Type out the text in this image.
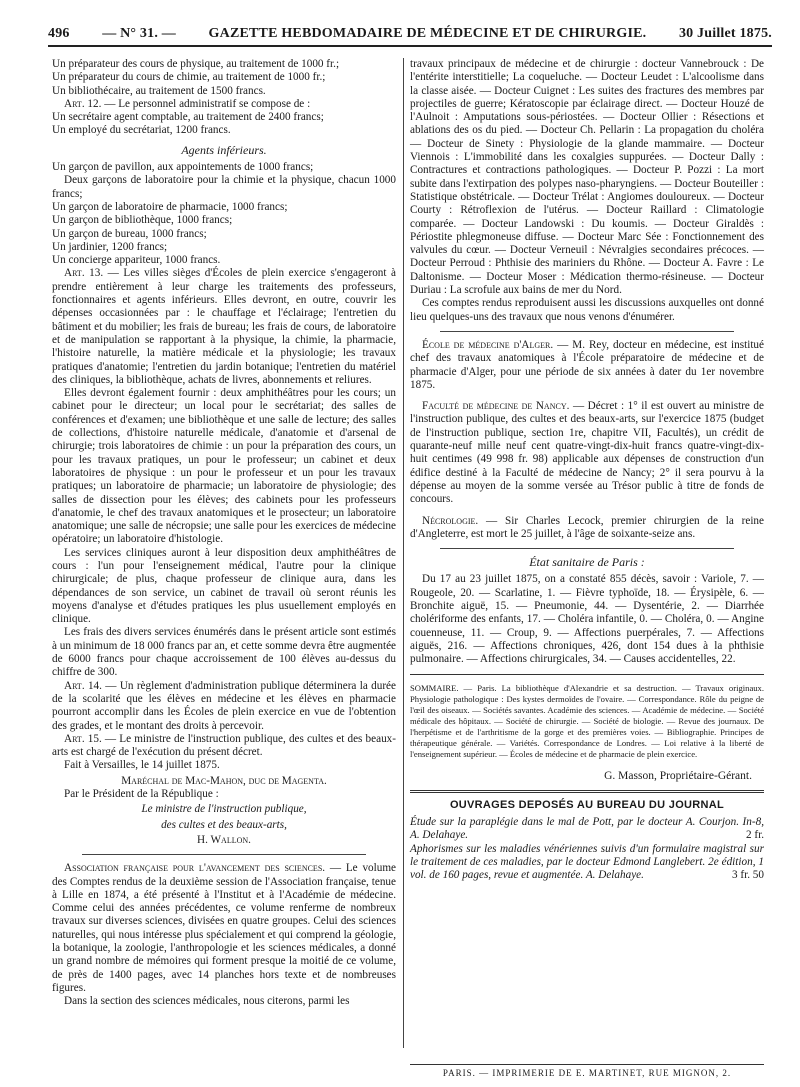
496 — N° 31. — GAZETTE HEBDOMADAIRE DE MÉDECINE ET DE CHIRURGIE. 30 Juillet 1875.

Un préparateur des cours de physique, au traitement de 1000 fr.;

Un préparateur du cours de chimie, au traitement de 1000 fr.;

Un bibliothécaire, au traitement de 1500 francs.

Art. 12. — Le personnel administratif se compose de :

Un secrétaire agent comptable, au traitement de 2400 francs;

Un employé du secrétariat, 1200 francs.

Agents inférieurs.

Un garçon de pavillon, aux appointements de 1000 francs;

Deux garçons de laboratoire pour la chimie et la physique, chacun 1000 francs;

Un garçon de laboratoire de pharmacie, 1000 francs;

Un garçon de bibliothèque, 1000 francs;

Un garçon de bureau, 1000 francs;

Un jardinier, 1200 francs;

Un concierge appariteur, 1000 francs.

Art. 13. — Les villes sièges d'Écoles de plein exercice s'engageront à prendre entièrement à leur charge les traitements des professeurs, fonctionnaires et agents inférieurs. Elles devront, en outre, couvrir les dépenses occasionnées par : le chauffage et l'éclairage; l'entretien du bâtiment et du mobilier; les frais de bureau; les frais de cours, de laboratoire et de manipulation se rapportant à la physique, la chimie, la pharmacie, l'histoire naturelle, la matière médicale et la physiologie; les travaux pratiques d'anatomie; l'entretien du jardin botanique; l'entretien du matériel des cliniques, la bibliothèque, achats de livres, abonnements et reliures.

Elles devront également fournir : deux amphithéâtres pour les cours; un cabinet pour le directeur; un local pour le secrétariat; des salles de conférences et d'examen; une bibliothèque et une salle de lecture; des salles de collections, d'histoire naturelle médicale, d'anatomie et d'arsenal de chirurgie; trois laboratoires de chimie : un pour la préparation des cours, un pour les travaux pratiques, un pour le professeur; un cabinet et deux laboratoires de physique : un pour le professeur et un pour les travaux pratiques; un laboratoire de pharmacie; un laboratoire de physiologie; des salles de dissection pour les élèves; des cabinets pour les professeurs d'anatomie, le chef des travaux anatomiques et le prosecteur; un laboratoire anatomique; une salle de nécropsie; une salle pour les exercices de médecine opératoire; un laboratoire d'histologie.

Les services cliniques auront à leur disposition deux amphithéâtres de cours : l'un pour l'enseignement médical, l'autre pour la clinique chirurgicale; de plus, chaque professeur de clinique aura, dans les dépendances de son service, un cabinet de travail où seront réunis les moyens d'analyse et d'études pratiques les plus usuellement employés en clinique.

Les frais des divers services énumérés dans le présent article sont estimés à un minimum de 18 000 francs par an, et cette somme devra être augmentée de 6000 francs pour chaque accroissement de 100 élèves au-dessus du chiffre de 300.

Art. 14. — Un règlement d'administration publique déterminera la durée de la scolarité que les élèves en médecine et les élèves en pharmacie pourront accomplir dans les Écoles de plein exercice en vue de l'obtention des grades, et le montant des droits à percevoir.

Art. 15. — Le ministre de l'instruction publique, des cultes et des beaux-arts est chargé de l'exécution du présent décret.

Fait à Versailles, le 14 juillet 1875.

Maréchal de Mac-Mahon, duc de Magenta.

Par le Président de la République :

Le ministre de l'instruction publique,

des cultes et des beaux-arts,

H. Wallon.

Association française pour l'avancement des sciences. — Le volume des Comptes rendus de la deuxième session de l'Association française, tenue à Lille en 1874, a été présenté à l'Institut et à l'Académie de médecine. Comme celui des années précédentes, ce volume renferme de nombreux travaux sur diverses sciences, divisées en quatre groupes. Celui des sciences naturelles, qui nous intéresse plus spécialement et qui comprend la géologie, la botanique, la zoologie, l'anthropologie et les sciences médicales, a donné un grand nombre de mémoires qui forment presque la moitié de ce volume, de près de 1400 pages, avec 14 planches hors texte et de nombreuses figures.

Dans la section des sciences médicales, nous citerons, parmi les

travaux principaux de médecine et de chirurgie : docteur Vannebrouck : De l'entérite interstitielle; La coqueluche. — Docteur Leudet : L'alcoolisme dans la classe aisée. — Docteur Cuignet : Les suites des fractures des membres par projectiles de guerre; Kératoscopie par éclairage direct. — Docteur Houzé de l'Aulnoit : Amputations sous-périostées. — Docteur Ollier : Résections et ablations des os du pied. — Docteur Ch. Pellarin : La propagation du choléra — Docteur de Sinety : Physiologie de la glande mammaire. — Docteur Viennois : L'immobilité dans les coxalgies suppurées. — Docteur Dally : Contractures et contractions pathologiques. — Docteur P. Pozzi : La mort subite dans l'extirpation des polypes naso-pharyngiens. — Docteur Bouteiller : Statistique obstétricale. — Docteur Trélat : Angiomes douloureux. — Docteur Courty : Rétroflexion de l'utérus. — Docteur Raillard : Climatologie comparée. — Docteur Landowski : Du koumis. — Docteur Giraldès : Périostite phlegmoneuse diffuse. — Docteur Marc Sée : Fonctionnement des valvules du cœur. — Docteur Verneuil : Névralgies secondaires précoces. — Docteur Perroud : Phthisie des mariniers du Rhône. — Docteur A. Favre : Le Daltonisme. — Docteur Moser : Médication thermo-résineuse. — Docteur Duriau : La scrofule aux bains de mer du Nord.

Ces comptes rendus reproduisent aussi les discussions auxquelles ont donné lieu quelques-uns des travaux que nous venons d'énumérer.

École de médecine d'Alger. — M. Rey, docteur en médecine, est institué chef des travaux anatomiques à l'École préparatoire de médecine et de pharmacie d'Alger, pour une période de six années à dater du 1er novembre 1875.

Faculté de médecine de Nancy. — Décret : 1° il est ouvert au ministre de l'instruction publique, des cultes et des beaux-arts, sur l'exercice 1875 (budget de l'instruction publique, section 1re, chapitre VII, Facultés), un crédit de quarante-neuf mille neuf cent quatre-vingt-dix-huit francs quatre-vingt-dix-huit centimes (49 998 fr. 98) applicable aux dépenses de construction d'un édifice destiné à la Faculté de médecine de Nancy; 2° il sera pourvu à la dépense au moyen de la somme versée au Trésor public à titre de fonds de concours.

Nécrologie. — Sir Charles Lecock, premier chirurgien de la reine d'Angleterre, est mort le 25 juillet, à l'âge de soixante-seize ans.

État sanitaire de Paris :

Du 17 au 23 juillet 1875, on a constaté 855 décès, savoir : Variole, 7. — Rougeole, 20. — Scarlatine, 1. — Fièvre typhoïde, 18. — Érysipèle, 6. — Bronchite aiguë, 15. — Pneumonie, 44. — Dysentérie, 2. — Diarrhée cholériforme des enfants, 17. — Choléra infantile, 0. — Choléra, 0. — Angine couenneuse, 11. — Croup, 9. — Affections puerpérales, 7. — Affections aiguës, 216. — Affections chroniques, 426, dont 154 dues à la phthisie pulmonaire. — Affections chirurgicales, 34. — Causes accidentelles, 22.

SOMMAIRE. — Paris. La bibliothèque d'Alexandrie et sa destruction. — Travaux originaux. Physiologie pathologique : Des kystes dermoïdes de l'ovaire. — Correspondance. Rôle du peigne de l'œil des oiseaux. — Sociétés savantes. Académie des sciences. — Académie de médecine. — Société médicale des hôpitaux. — Société de chirurgie. — Société de biologie. — Revue des journaux. De l'herpétisme et de l'arthritisme de la gorge et des premières voies. — Bibliographie. Principes de thérapeutique générale. — Variétés. Correspondance de Londres. — Loi relative à la liberté de l'enseignement supérieur. — Écoles de médecine et de pharmacie de plein exercice.

G. Masson, Propriétaire-Gérant.

OUVRAGES DEPOSÉS AU BUREAU DU JOURNAL

Étude sur la paraplégie dans le mal de Pott, par le docteur A. Courjon. In-8, A. Delahaye.	2 fr.

Aphorismes sur les maladies vénériennes suivis d'un formulaire magistral sur le traitement de ces maladies, par le docteur Edmond Langlebert. 2e édition, 1 vol. de 160 pages, revue et augmentée. A. Delahaye.	3 fr. 50

PARIS. — IMPRIMERIE DE E. MARTINET, RUE MIGNON, 2.
